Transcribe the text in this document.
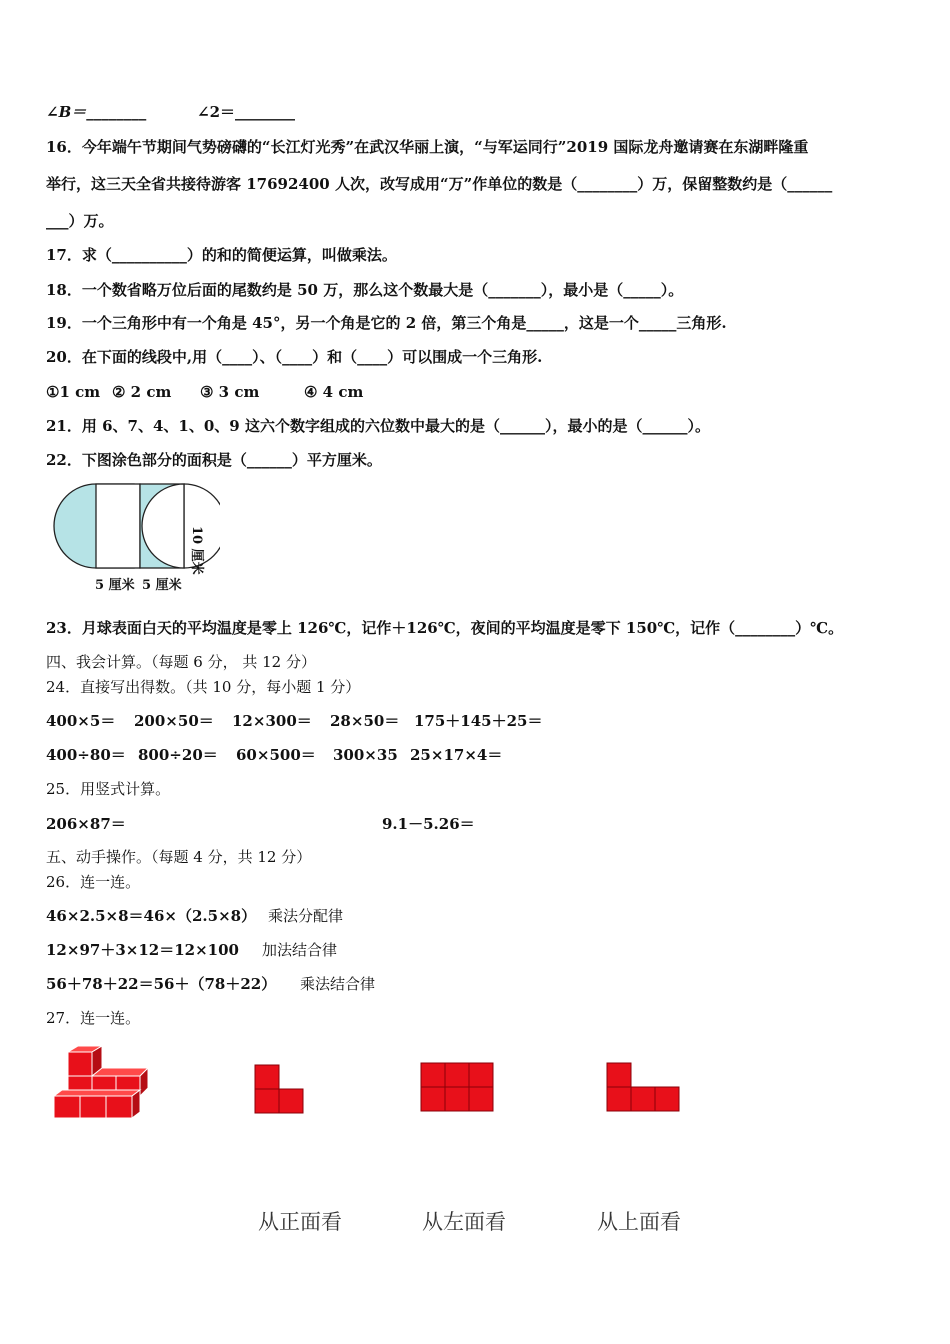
∠B＝________	∠2＝________
16．今年端午节期间气势磅礴的“长江灯光秀”在武汉华丽上演，“与军运同行”2019 国际龙舟邀请赛在东湖畔隆重
举行，这三天全省共接待游客 17692400 人次，改写成用“万”作单位的数是（________）万，保留整数约是（______
___）万。
17．求（__________）的和的简便运算，叫做乘法。
18．一个数省略万位后面的尾数约是 50 万，那么这个数最大是（_______），最小是（_____）。
19．一个三角形中有一个角是 45°，另一个角是它的 2 倍，第三个角是_____，这是一个_____三角形.
20．在下面的线段中,用（____）、（____）和（____）可以围成一个三角形.
①1 cm ② 2 cm ③ 3 cm	④ 4 cm
21．用 6、7、4、1、0、9 这六个数字组成的六位数中最大的是（______），最小的是（______）。
22．下图涂色部分的面积是（______）平方厘米。
5 厘米 5 厘米
10 厘米
23．月球表面白天的平均温度是零上 126℃，记作＋126℃，夜间的平均温度是零下 150℃，记作（________）℃。
四、我会计算。（每题 6 分， 共 12 分）
24．直接写出得数。（共 10 分，每小题 1 分）
400×5＝ 200×50＝ 12×300＝ 28×50＝ 175＋145＋25＝
400÷80＝ 800÷20＝ 60×500＝ 300×35 25×17×4＝
25．用竖式计算。
206×87＝	9.1－5.26＝
五、动手操作。（每题 4 分，共 12 分）
26．连一连。
46×2.5×8＝46×（2.5×8） 乘法分配律
12×97＋3×12＝12×100 加法结合律
56＋78＋22＝56＋（78＋22） 乘法结合律
27．连一连。
从正面看	从左面看	从上面看
